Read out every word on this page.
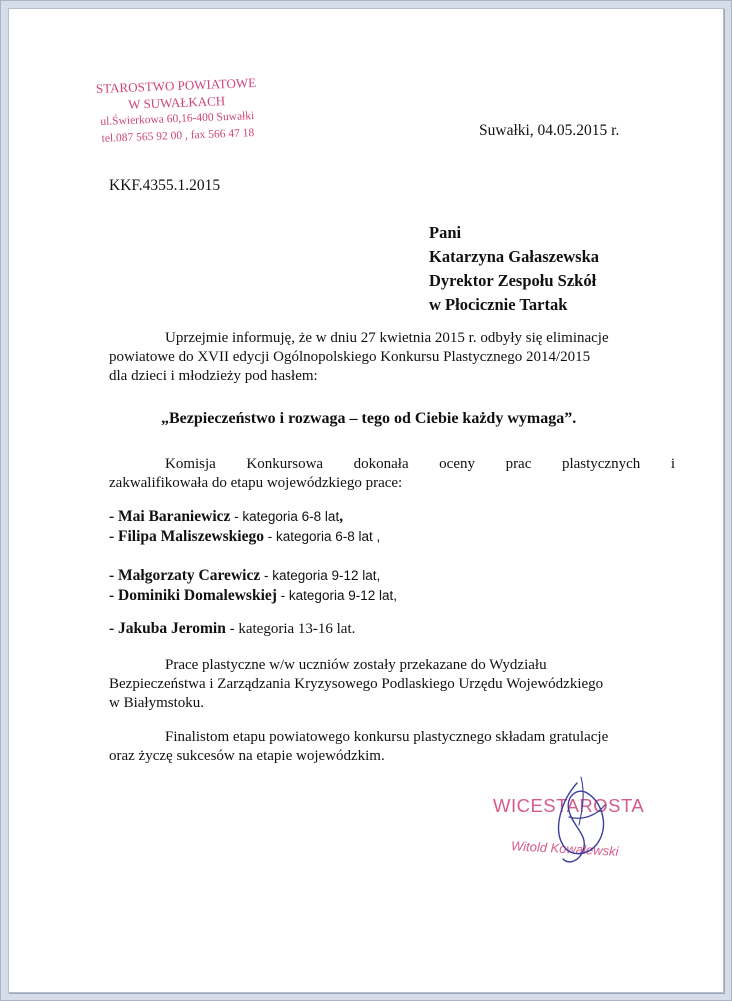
STAROSTWO POWIATOWE
W SUWAŁKACH
ul.Świerkowa 60,16-400 Suwałki
tel.087 565 92 00 , fax 566 47 18	Suwałki, 04.05.2015 r.
KKF.4355.1.2015
Pani
Katarzyna Gałaszewska
Dyrektor Zespołu Szkół
w Płocicznie Tartak
Uprzejmie informuję, że w dniu 27 kwietnia 2015 r. odbyły się eliminacje
powiatowe do XVII edycji Ogólnopolskiego Konkursu Plastycznego 2014/2015
dla dzieci i młodzieży pod hasłem:
„Bezpieczeństwo i rozwaga – tego od Ciebie każdy wymaga”.
Komisja Konkursowa dokonała oceny prac plastycznych i
zakwalifikowała do etapu wojewódzkiego prace:
- Mai Baraniewicz - kategoria 6-8 lat,
- Filipa Maliszewskiego - kategoria 6-8 lat ,
- Małgorzaty Carewicz - kategoria 9-12 lat,
- Dominiki Domalewskiej - kategoria 9-12 lat,
- Jakuba Jeromin - kategoria 13-16 lat.
Prace plastyczne w/w uczniów zostały przekazane do Wydziału
Bezpieczeństwa i Zarządzania Kryzysowego Podlaskiego Urzędu Wojewódzkiego
w Białymstoku.
Finalistom etapu powiatowego konkursu plastycznego składam gratulacje
oraz życzę sukcesów na etapie wojewódzkim.
WICESTAROSTA
Witold Kowalewski
